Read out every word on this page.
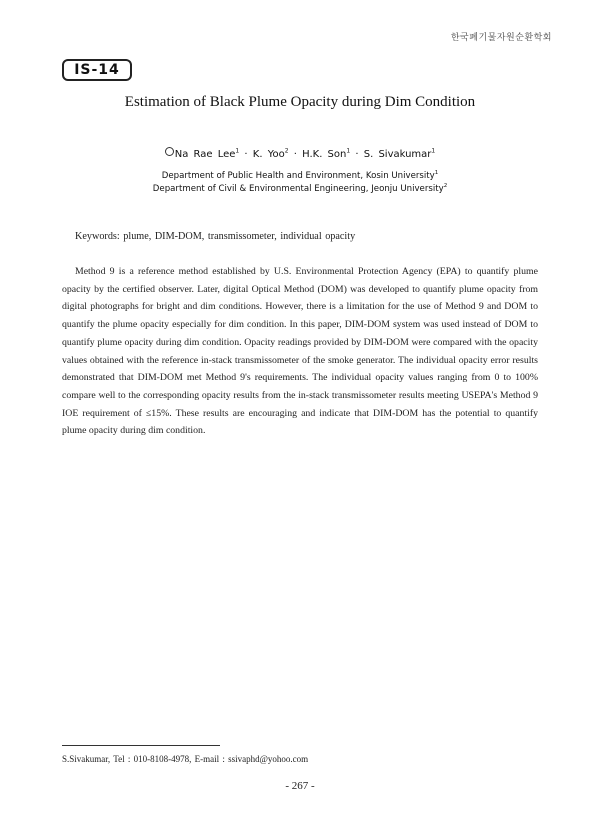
한국폐기물자원순환학회
IS-14
Estimation of Black Plume Opacity during Dim Condition
Na Rae Lee$^1$ · K. Yoo$^2$ · H.K. Son$^1$ · S. Sivakumar$^1$
Department of Public Health and Environment, Kosin University$^1$
Department of Civil & Environmental Engineering, Jeonju University$^2$
Keywords: plume, DIM-DOM, transmissometer, individual opacity

Method 9 is a reference method established by U.S. Environmental Protection Agency (EPA) to quantify plume opacity by the certified observer. Later, digital Optical Method (DOM) was developed to quantify plume opacity from digital photographs for bright and dim conditions. However, there is a limitation for the use of Method 9 and DOM to quantify the plume opacity especially for dim condition. In this paper, DIM-DOM system was used instead of DOM to quantify plume opacity during dim condition. Opacity readings provided by DIM-DOM were compared with the opacity values obtained with the reference in-stack transmissometer of the smoke generator. The individual opacity error results demonstrated that DIM-DOM met Method 9's requirements. The individual opacity values ranging from 0 to 100% compare well to the corresponding opacity results from the in-stack transmissometer results meeting USEPA's Method 9 IOE requirement of ≤15%. These results are encouraging and indicate that DIM-DOM has the potential to quantify plume opacity during dim condition.

S.Sivakumar, Tel : 010-8108-4978, E-mail : ssivaphd@yohoo.com
- 267 -
